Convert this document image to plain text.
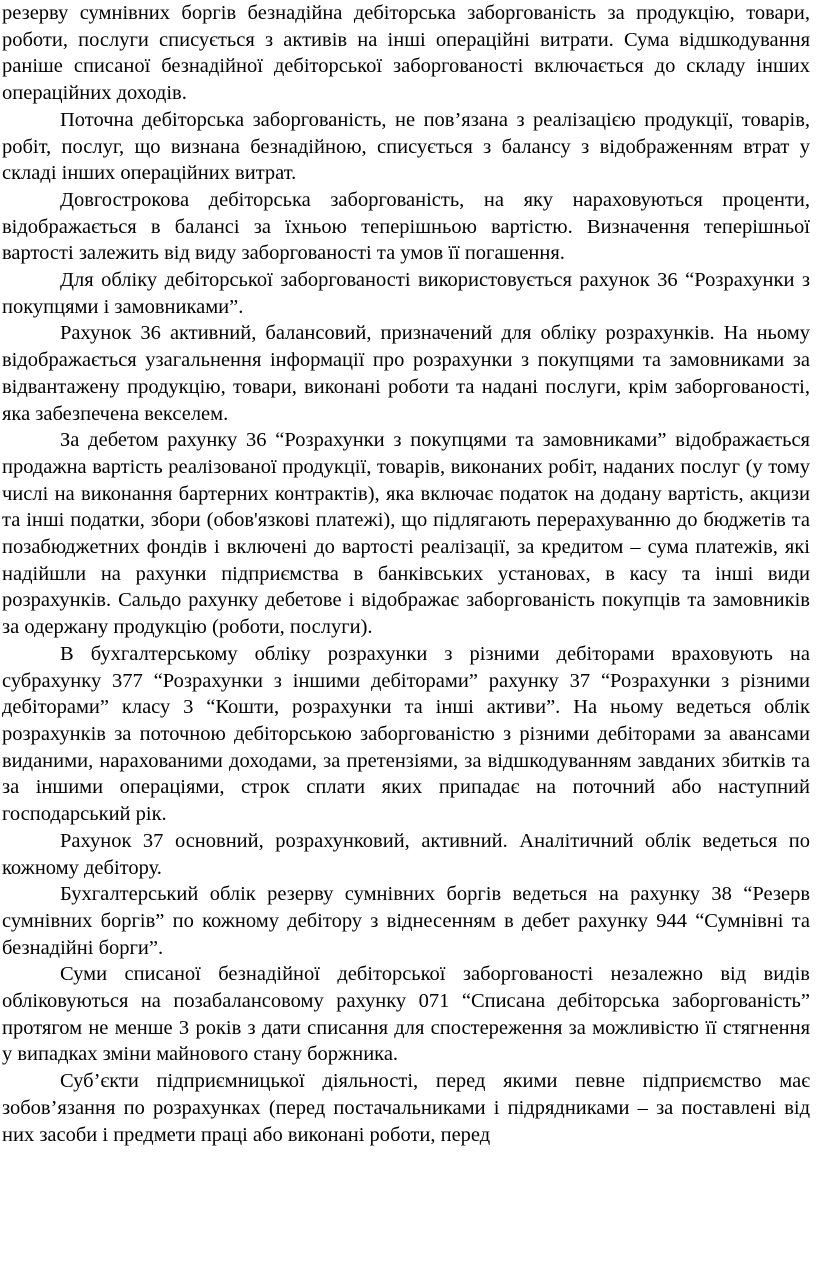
резерву сумнівних боргів безнадійна дебіторська заборгованість за продукцію, товари, роботи, послуги списується з активів на інші операційні витрати. Сума відшкодування раніше списаної безнадійної дебіторської заборгованості включається до складу інших операційних доходів.

Поточна дебіторська заборгованість, не пов’язана з реалізацією продукції, товарів, робіт, послуг, що визнана безнадійною, списується з балансу з відображенням втрат у складі інших операційних витрат.

Довгострокова дебіторська заборгованість, на яку нараховуються проценти, відображається в балансі за їхньою теперішньою вартістю. Визначення теперішньої вартості залежить від виду заборгованості та умов її погашення.

Для обліку дебіторської заборгованості використовується рахунок 36 “Розрахунки з покупцями і замовниками”.

Рахунок 36 активний, балансовий, призначений для обліку розрахунків. На ньому відображається узагальнення інформації про розрахунки з покупцями та замовниками за відвантажену продукцію, товари, виконані роботи та надані послуги, крім заборгованості, яка забезпечена векселем.

За дебетом рахунку 36 “Розрахунки з покупцями та замовниками” відображається продажна вартість реалізованої продукції, товарів, виконаних робіт, наданих послуг (у тому числі на виконання бартерних контрактів), яка включає податок на додану вартість, акцизи та інші податки, збори (обов'язкові платежі), що підлягають перерахуванню до бюджетів та позабюджетних фондів і включені до вартості реалізації, за кредитом – сума платежів, які надійшли на рахунки підприємства в банківських установах, в касу та інші види розрахунків. Сальдо рахунку дебетове і відображає заборгованість покупців та замовників за одержану продукцію (роботи, послуги).

В бухгалтерському обліку розрахунки з різними дебіторами враховують на субрахунку 377 “Розрахунки з іншими дебіторами” рахунку 37 “Розрахунки з різними дебіторами” класу 3 “Кошти, розрахунки та інші активи”. На ньому ведеться облік розрахунків за поточною дебіторською заборгованістю з різними дебіторами за авансами виданими, нарахованими доходами, за претензіями, за відшкодуванням завданих збитків та за іншими операціями, строк сплати яких припадає на поточний або наступний господарський рік.

Рахунок 37 основний, розрахунковий, активний. Аналітичний облік ведеться по кожному дебітору.

Бухгалтерський облік резерву сумнівних боргів ведеться на рахунку 38 “Резерв сумнівних боргів” по кожному дебітору з віднесенням в дебет рахунку 944 “Сумнівні та безнадійні борги”.

Суми списаної безнадійної дебіторської заборгованості незалежно від видів обліковуються на позабалансовому рахунку 071 “Списана дебіторська заборгованість” протягом не менше 3 років з дати списання для спостереження за можливістю її стягнення у випадках зміни майнового стану боржника.

Суб’єкти підприємницької діяльності, перед якими певне підприємство має зобов’язання по розрахунках (перед постачальниками і підрядниками – за поставлені від них засоби і предмети праці або виконані роботи, перед
